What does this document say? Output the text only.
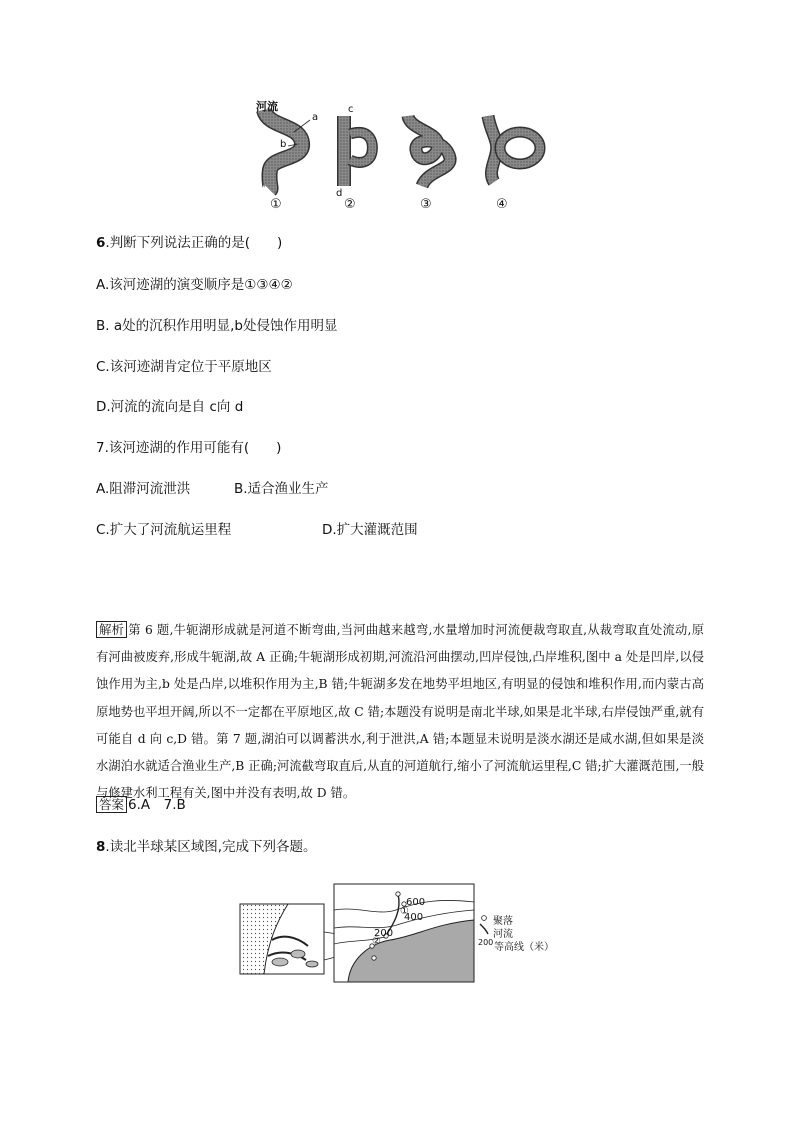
河流
a
b
c
d
①	②	③	④
6.判断下列说法正确的是(　　)
A.该河迹湖的演变顺序是①③④②
B. a处的沉积作用明显,b处侵蚀作用明显
C.该河迹湖肯定位于平原地区
D.河流的流向是自 c向 d
7.该河迹湖的作用可能有(　　)
A.阻滞河流泄洪	B.适合渔业生产
C.扩大了河流航运里程	D.扩大灌溉范围
解析 第 6 题,牛轭湖形成就是河道不断弯曲,当河曲越来越弯,水量增加时河流便裁弯取直,从裁弯取直处流动,原有河曲被废弃,形成牛轭湖,故 A 正确;牛轭湖形成初期,河流沿河曲摆动,凹岸侵蚀,凸岸堆积,图中 a 处是凹岸,以侵蚀作用为主,b 处是凸岸,以堆积作用为主,B 错;牛轭湖多发在地势平坦地区,有明显的侵蚀和堆积作用,而内蒙古高原地势也平坦开阔,所以不一定都在平原地区,故 C 错;本题没有说明是南北半球,如果是北半球,右岸侵蚀严重,就有可能自 d 向 c,D 错。第 7 题,湖泊可以调蓄洪水,利于泄洪,A 错;本题显未说明是淡水湖还是咸水湖,但如果是淡水湖泊水就适合渔业生产,B 正确;河流截弯取直后,从直的河道航行,缩小了河流航运里程,C 错;扩大灌溉范围,一般与修建水利工程有关,图中并没有表明,故 D 错。
答案 6.A　7.B
8.读北半球某区域图,完成下列各题。
600
400
200
①
②
聚落
河流
200 等高线（米）
